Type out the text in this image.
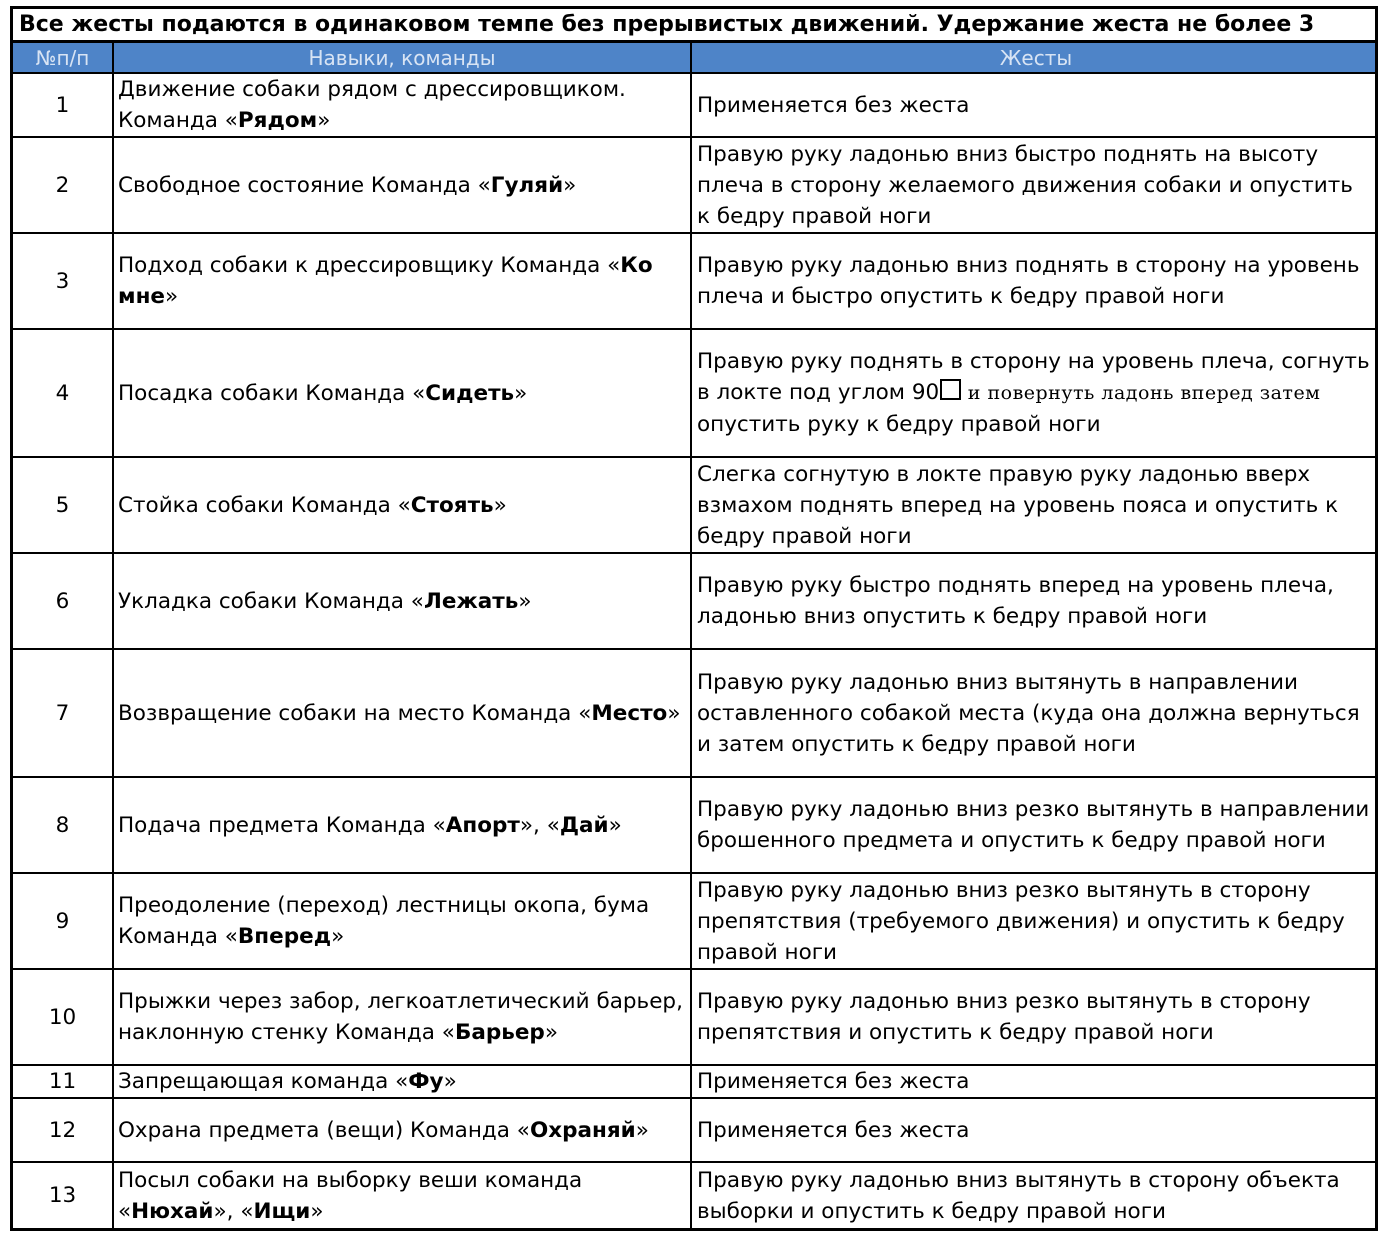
Все жесты подаются в одинаковом темпе без прерывистых движений. Удержание жеста не более 3
№п/п	Навыки, команды	Жесты
1	Движение собаки рядом с дрессировщиком. Команда «Рядом»	Применяется без жеста
2	Свободное состояние Команда «Гуляй»	Правую руку ладонью вниз быстро поднять на высоту плеча в сторону желаемого движения собаки и опустить к бедру правой ноги
3	Подход собаки к дрессировщику Команда «Ко мне»	Правую руку ладонью вниз поднять в сторону на уровень плеча и быстро опустить к бедру правой ноги
4	Посадка собаки Команда «Сидеть»	Правую руку поднять в сторону на уровень плеча, согнуть в локте под углом 90 и повернуть ладонь вперед затем опустить руку к бедру правой ноги
5	Стойка собаки Команда «Стоять»	Слегка согнутую в локте правую руку ладонью вверх взмахом поднять вперед на уровень пояса и опустить к бедру правой ноги
6	Укладка собаки Команда «Лежать»	Правую руку быстро поднять вперед на уровень плеча, ладонью вниз опустить к бедру правой ноги
7	Возвращение собаки на место Команда «Место»	Правую руку ладонью вниз вытянуть в направлении оставленного собакой места (куда она должна вернуться и затем опустить к бедру правой ноги
8	Подача предмета Команда «Апорт», «Дай»	Правую руку ладонью вниз резко вытянуть в направлении брошенного предмета и опустить к бедру правой ноги
9	Преодоление (переход) лестницы окопа, бума Команда «Вперед»	Правую руку ладонью вниз резко вытянуть в сторону препятствия (требуемого движения) и опустить к бедру правой ноги
10	Прыжки через забор, легкоатлетический барьер, наклонную стенку Команда «Барьер»	Правую руку ладонью вниз резко вытянуть в сторону препятствия и опустить к бедру правой ноги
11	Запрещающая команда «Фу»	Применяется без жеста
12	Охрана предмета (вещи) Команда «Охраняй»	Применяется без жеста
13	Посыл собаки на выборку веши команда «Нюхай», «Ищи»	Правую руку ладонью вниз вытянуть в сторону объекта выборки и опустить к бедру правой ноги
